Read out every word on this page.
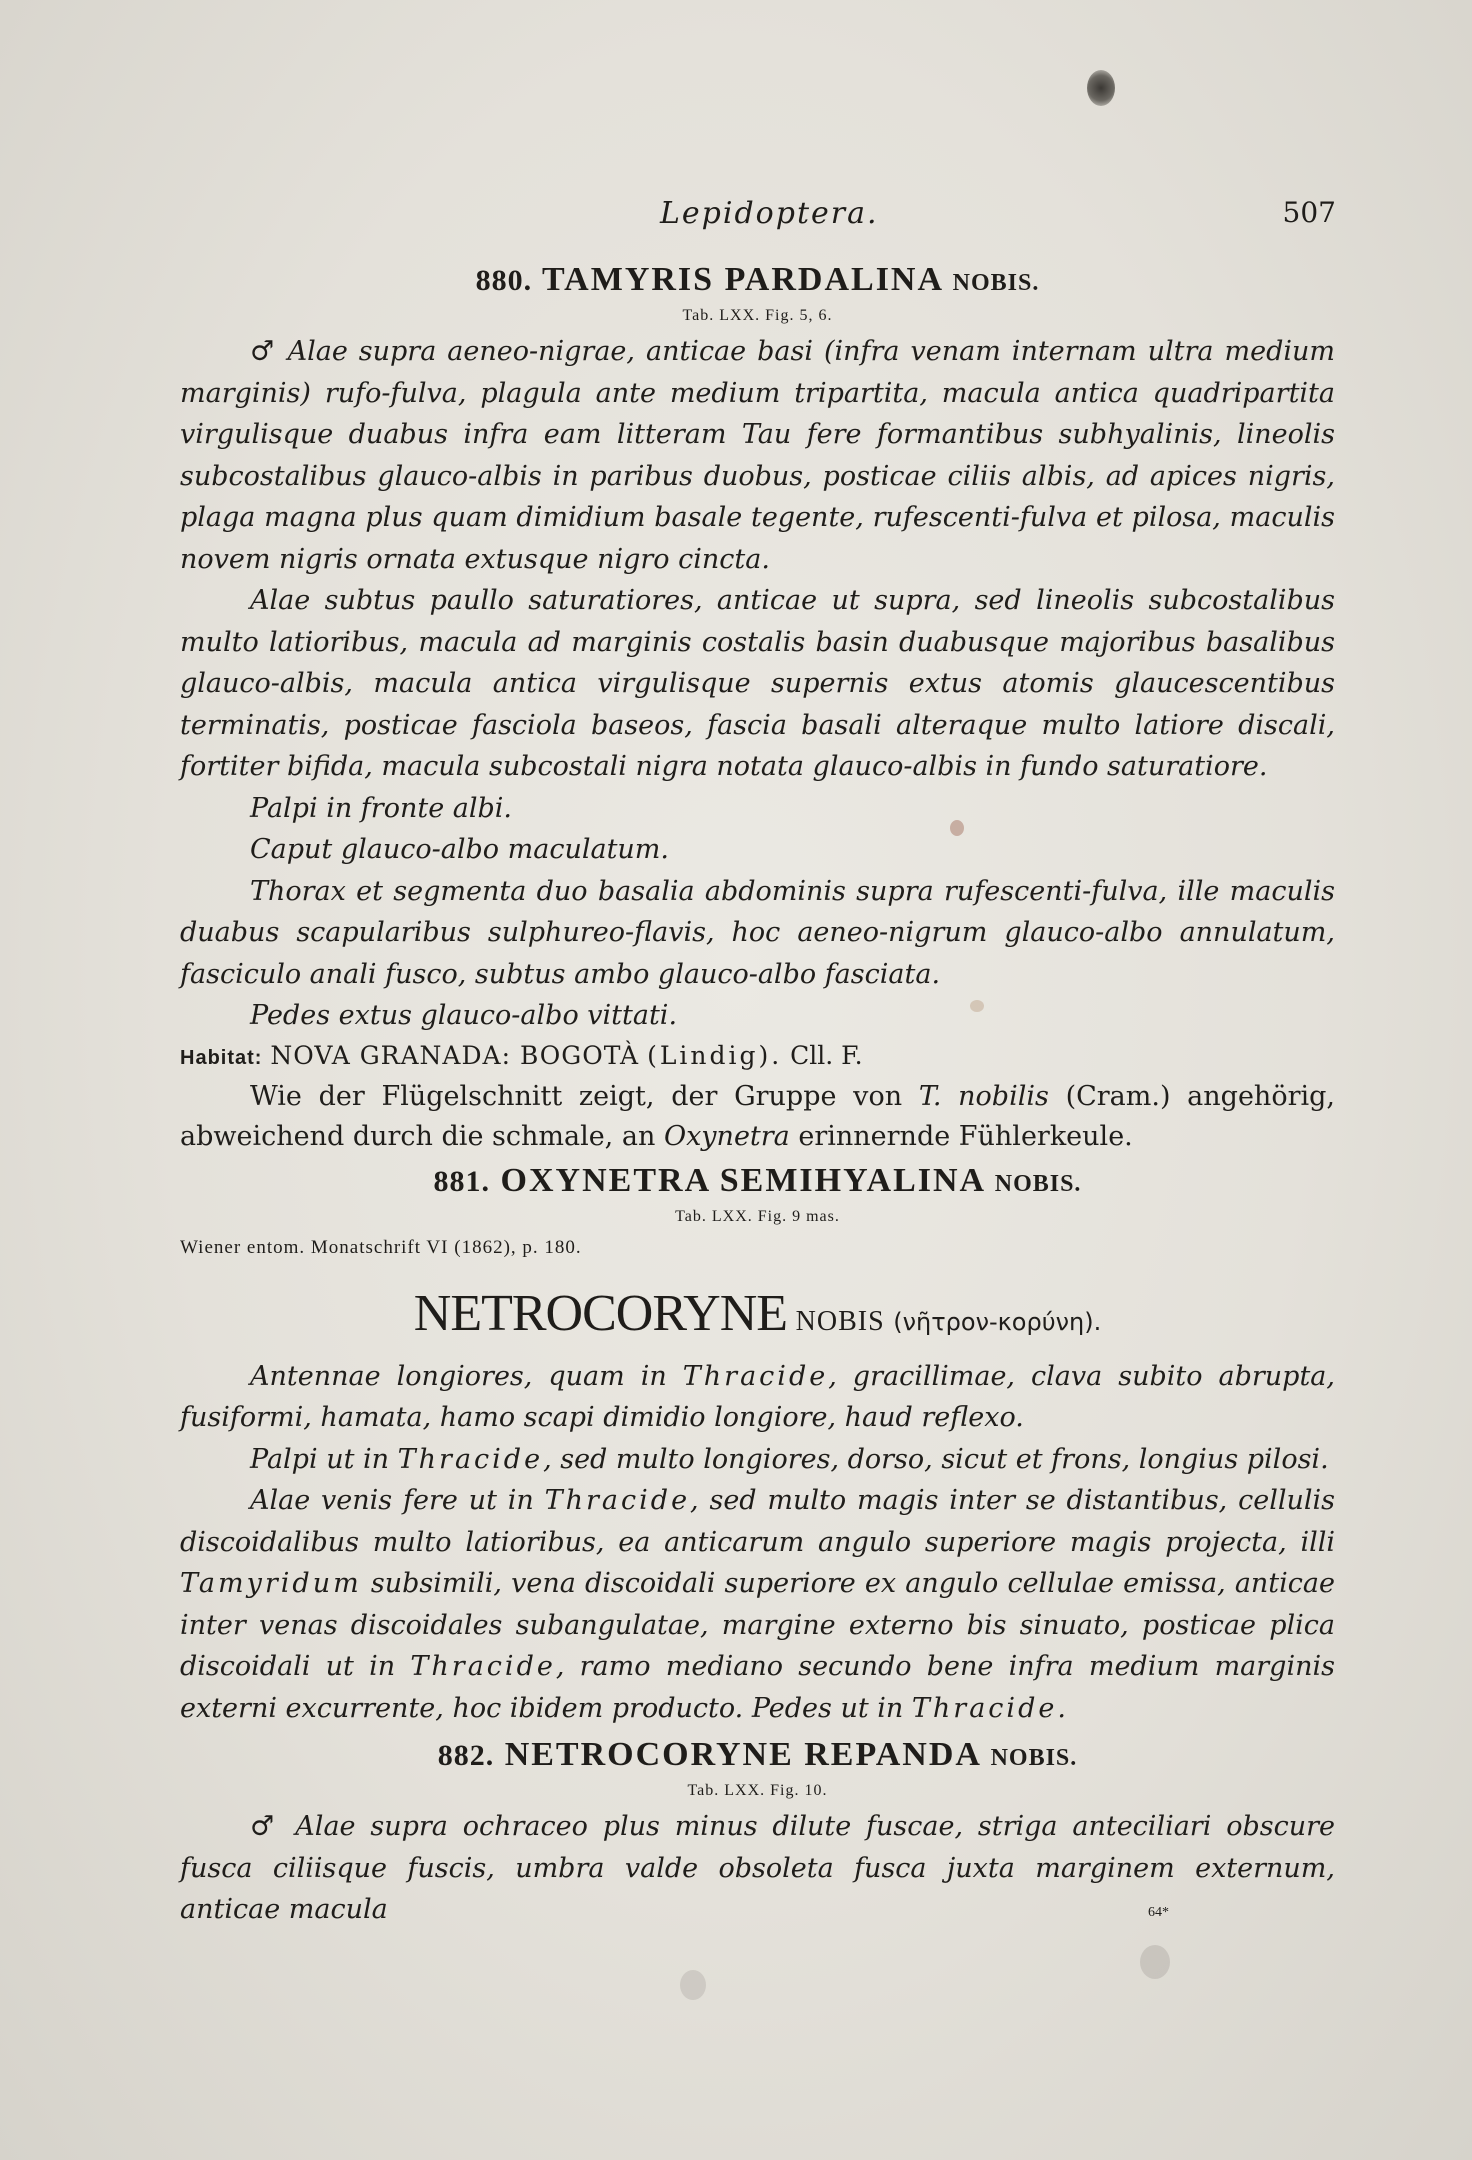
Lepidoptera.	507
880. TAMYRIS PARDALINA NOBIS.
Tab. LXX. Fig. 5, 6.

♂ Alae supra aeneo-nigrae, anticae basi (infra venam internam ultra medium marginis) rufo-fulva, plagula ante medium tripartita, macula antica quadripartita virgulisque duabus infra eam litteram Tau fere formantibus subhyalinis, lineolis subcostalibus glauco-albis in paribus duobus, posticae ciliis albis, ad apices nigris, plaga magna plus quam dimidium basale tegente, rufescenti-fulva et pilosa, maculis novem nigris ornata extusque nigro cincta.

Alae subtus paullo saturatiores, anticae ut supra, sed lineolis subcostalibus multo latioribus, macula ad marginis costalis basin duabusque majoribus basalibus glauco-albis, macula antica virgulisque supernis extus atomis glaucescentibus terminatis, posticae fasciola baseos, fascia basali alteraque multo latiore discali, fortiter bifida, macula subcostali nigra notata glauco-albis in fundo saturatiore.

Palpi in fronte albi.

Caput glauco-albo maculatum.

Thorax et segmenta duo basalia abdominis supra rufescenti-fulva, ille maculis duabus scapularibus sulphureo-flavis, hoc aeneo-nigrum glauco-albo annulatum, fasciculo anali fusco, subtus ambo glauco-albo fasciata.

Pedes extus glauco-albo vittati.

Habitat: NOVA GRANADA: BOGOTÀ (Lindig). Cll. F.

Wie der Flügelschnitt zeigt, der Gruppe von T. nobilis (Cram.) angehörig, abweichend durch die schmale, an Oxynetra erinnernde Fühlerkeule.

881. OXYNETRA SEMIHYALINA NOBIS.
Tab. LXX. Fig. 9 mas.
Wiener entom. Monatschrift VI (1862), p. 180.
NETROCORYNE NOBIS (νῆτρον-κορύνη).

Antennae longiores, quam in Thracide, gracillimae, clava subito abrupta, fusiformi, hamata, hamo scapi dimidio longiore, haud reflexo.

Palpi ut in Thracide, sed multo longiores, dorso, sicut et frons, longius pilosi.

Alae venis fere ut in Thracide, sed multo magis inter se distantibus, cellulis discoidalibus multo latioribus, ea anticarum angulo superiore magis projecta, illi Tamyridum subsimili, vena discoidali superiore ex angulo cellulae emissa, anticae inter venas discoidales subangulatae, margine externo bis sinuato, posticae plica discoidali ut in Thracide, ramo mediano secundo bene infra medium marginis externi excurrente, hoc ibidem producto. Pedes ut in Thracide.

882. NETROCORYNE REPANDA NOBIS.
Tab. LXX. Fig. 10.

♂ Alae supra ochraceo plus minus dilute fuscae, striga anteciliari obscure fusca ciliisque fuscis, umbra valde obsoleta fusca juxta marginem externum, anticae macula	64*
